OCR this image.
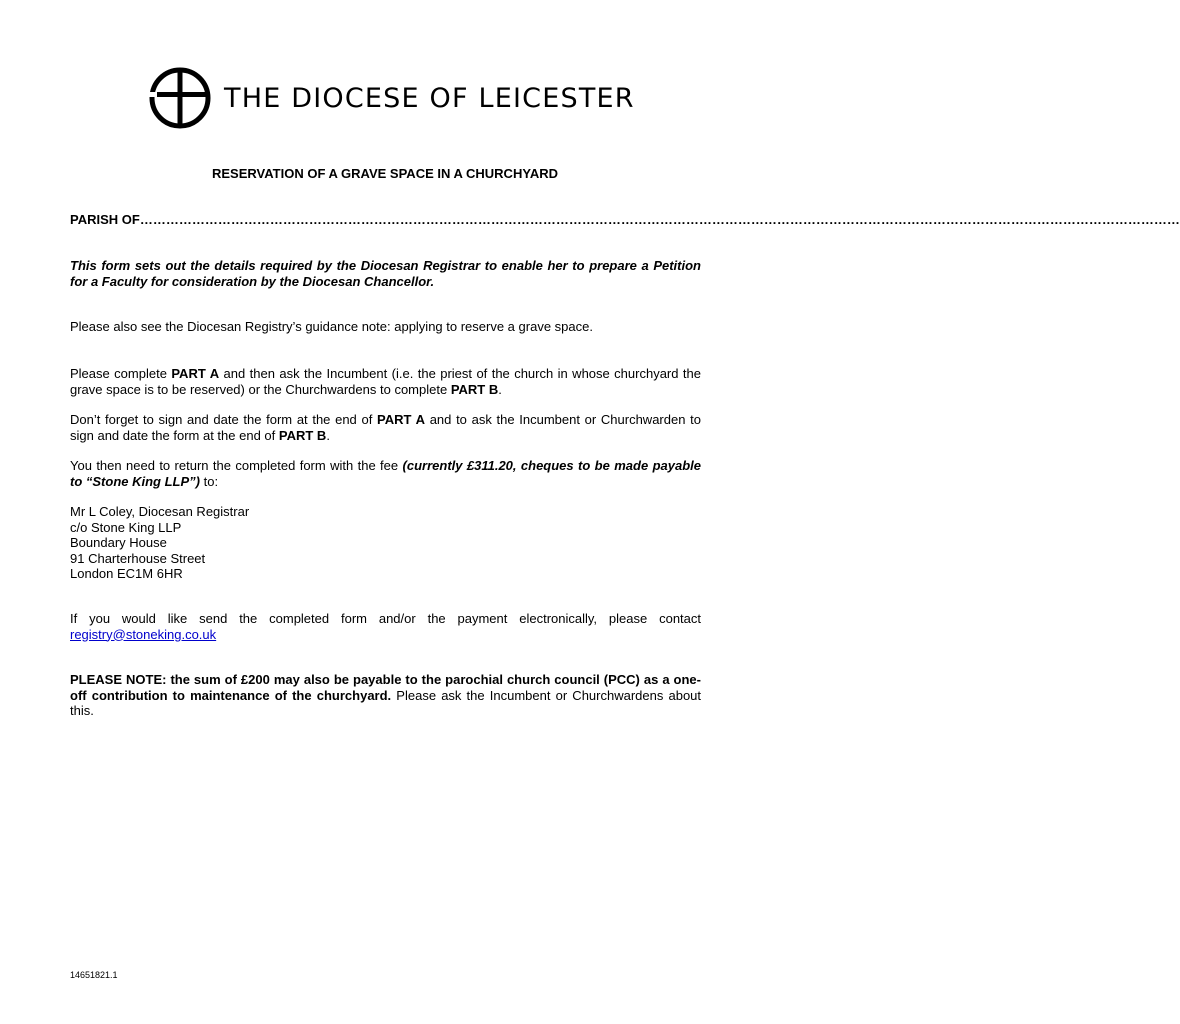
THE DIOCESE OF LEICESTER
RESERVATION OF A GRAVE SPACE IN A CHURCHYARD
PARISH OF……………………………………………………………………………………………………………………………………………………………………………………………………………………
This form sets out the details required by the Diocesan Registrar to enable her to prepare a Petition for a Faculty for consideration by the Diocesan Chancellor.
Please also see the Diocesan Registry’s guidance note: applying to reserve a grave space.
Please complete PART A and then ask the Incumbent (i.e. the priest of the church in whose churchyard the grave space is to be reserved) or the Churchwardens to complete PART B.
Don’t forget to sign and date the form at the end of PART A and to ask the Incumbent or Churchwarden to sign and date the form at the end of PART B.
You then need to return the completed form with the fee (currently £311.20, cheques to be made payable to “Stone King LLP”) to:
Mr L Coley, Diocesan Registrar
c/o Stone King LLP
Boundary House
91 Charterhouse Street
London EC1M 6HR
If you would like send the completed form and/or the payment electronically, please contact registry@stoneking.co.uk
PLEASE NOTE: the sum of £200 may also be payable to the parochial church council (PCC) as a one-off contribution to maintenance of the churchyard. Please ask the Incumbent or Churchwardens about this.
14651821.1
